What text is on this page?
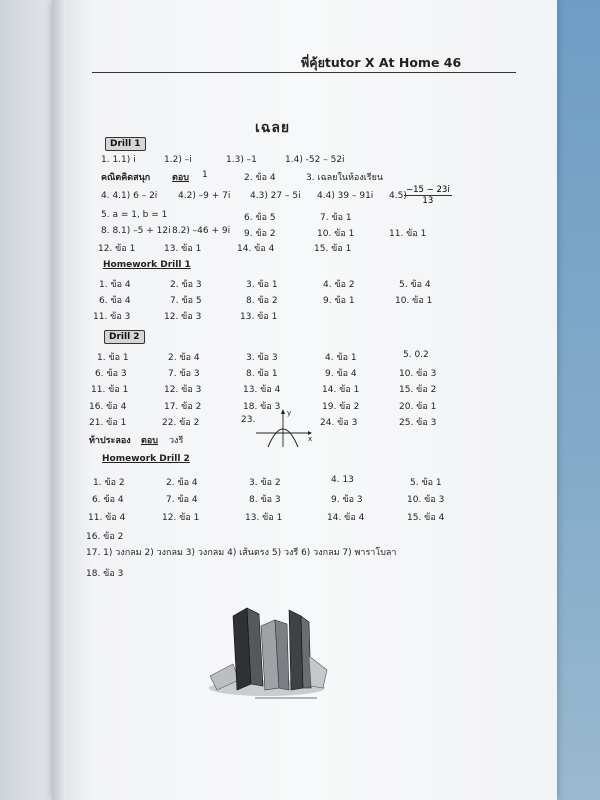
พี่คุ้ยtutor X At Home 46
เฉลย
Drill 1
1. 1.1) i	1.2) –i	1.3) –1	1.4) -52 – 52i
คณิตคิดสนุก ตอบ 1	2. ข้อ 4	3. เฉลยในห้องเรียน
4. 4.1) 6 – 2i 4.2) –9 + 7i 4.3) 27 – 5i 4.4) 39 – 91i 4.5)
$\frac{-15 - 23i}{13}$
5. a = 1, b = 1	6. ข้อ 5	7. ข้อ 1
8. 8.1) –5 + 12i 8.2) –46 + 9i 9. ข้อ 2	10. ข้อ 1	11. ข้อ 1
12. ข้อ 1	13. ข้อ 1	14. ข้อ 4	15. ข้อ 1
Homework Drill 1
1. ข้อ 4	2. ข้อ 3	3. ข้อ 1	4. ข้อ 2	5. ข้อ 4
6. ข้อ 4	7. ข้อ 5	8. ข้อ 2	9. ข้อ 1	10. ข้อ 1
11. ข้อ 3	12. ข้อ 3	13. ข้อ 1
Drill 2
1. ข้อ 1	2. ข้อ 4	3. ข้อ 3	4. ข้อ 1	5. 0.2
6. ข้อ 3	7. ข้อ 3	8. ข้อ 1	9. ข้อ 4	10. ข้อ 3
11. ข้อ 1	12. ข้อ 3	13. ข้อ 4	14. ข้อ 1	15. ข้อ 2
16. ข้อ 4	17. ข้อ 2	18. ข้อ 3	19. ข้อ 2	20. ข้อ 1
21. ข้อ 1	22. ข้อ 2	23.	24. ข้อ 3	25. ข้อ 3
y
x
ท้าประลอง ตอบ วงรี
Homework Drill 2
1. ข้อ 2	2. ข้อ 4	3. ข้อ 2	4. 13	5. ข้อ 1
6. ข้อ 4	7. ข้อ 4	8. ข้อ 3	9. ข้อ 3	10. ข้อ 3
11. ข้อ 4	12. ข้อ 1	13. ข้อ 1	14. ข้อ 4	15. ข้อ 4
16. ข้อ 2
17. 1) วงกลม 2) วงกลม 3) วงกลม 4) เส้นตรง 5) วงรี 6) วงกลม 7) พาราโบลา
18. ข้อ 3
